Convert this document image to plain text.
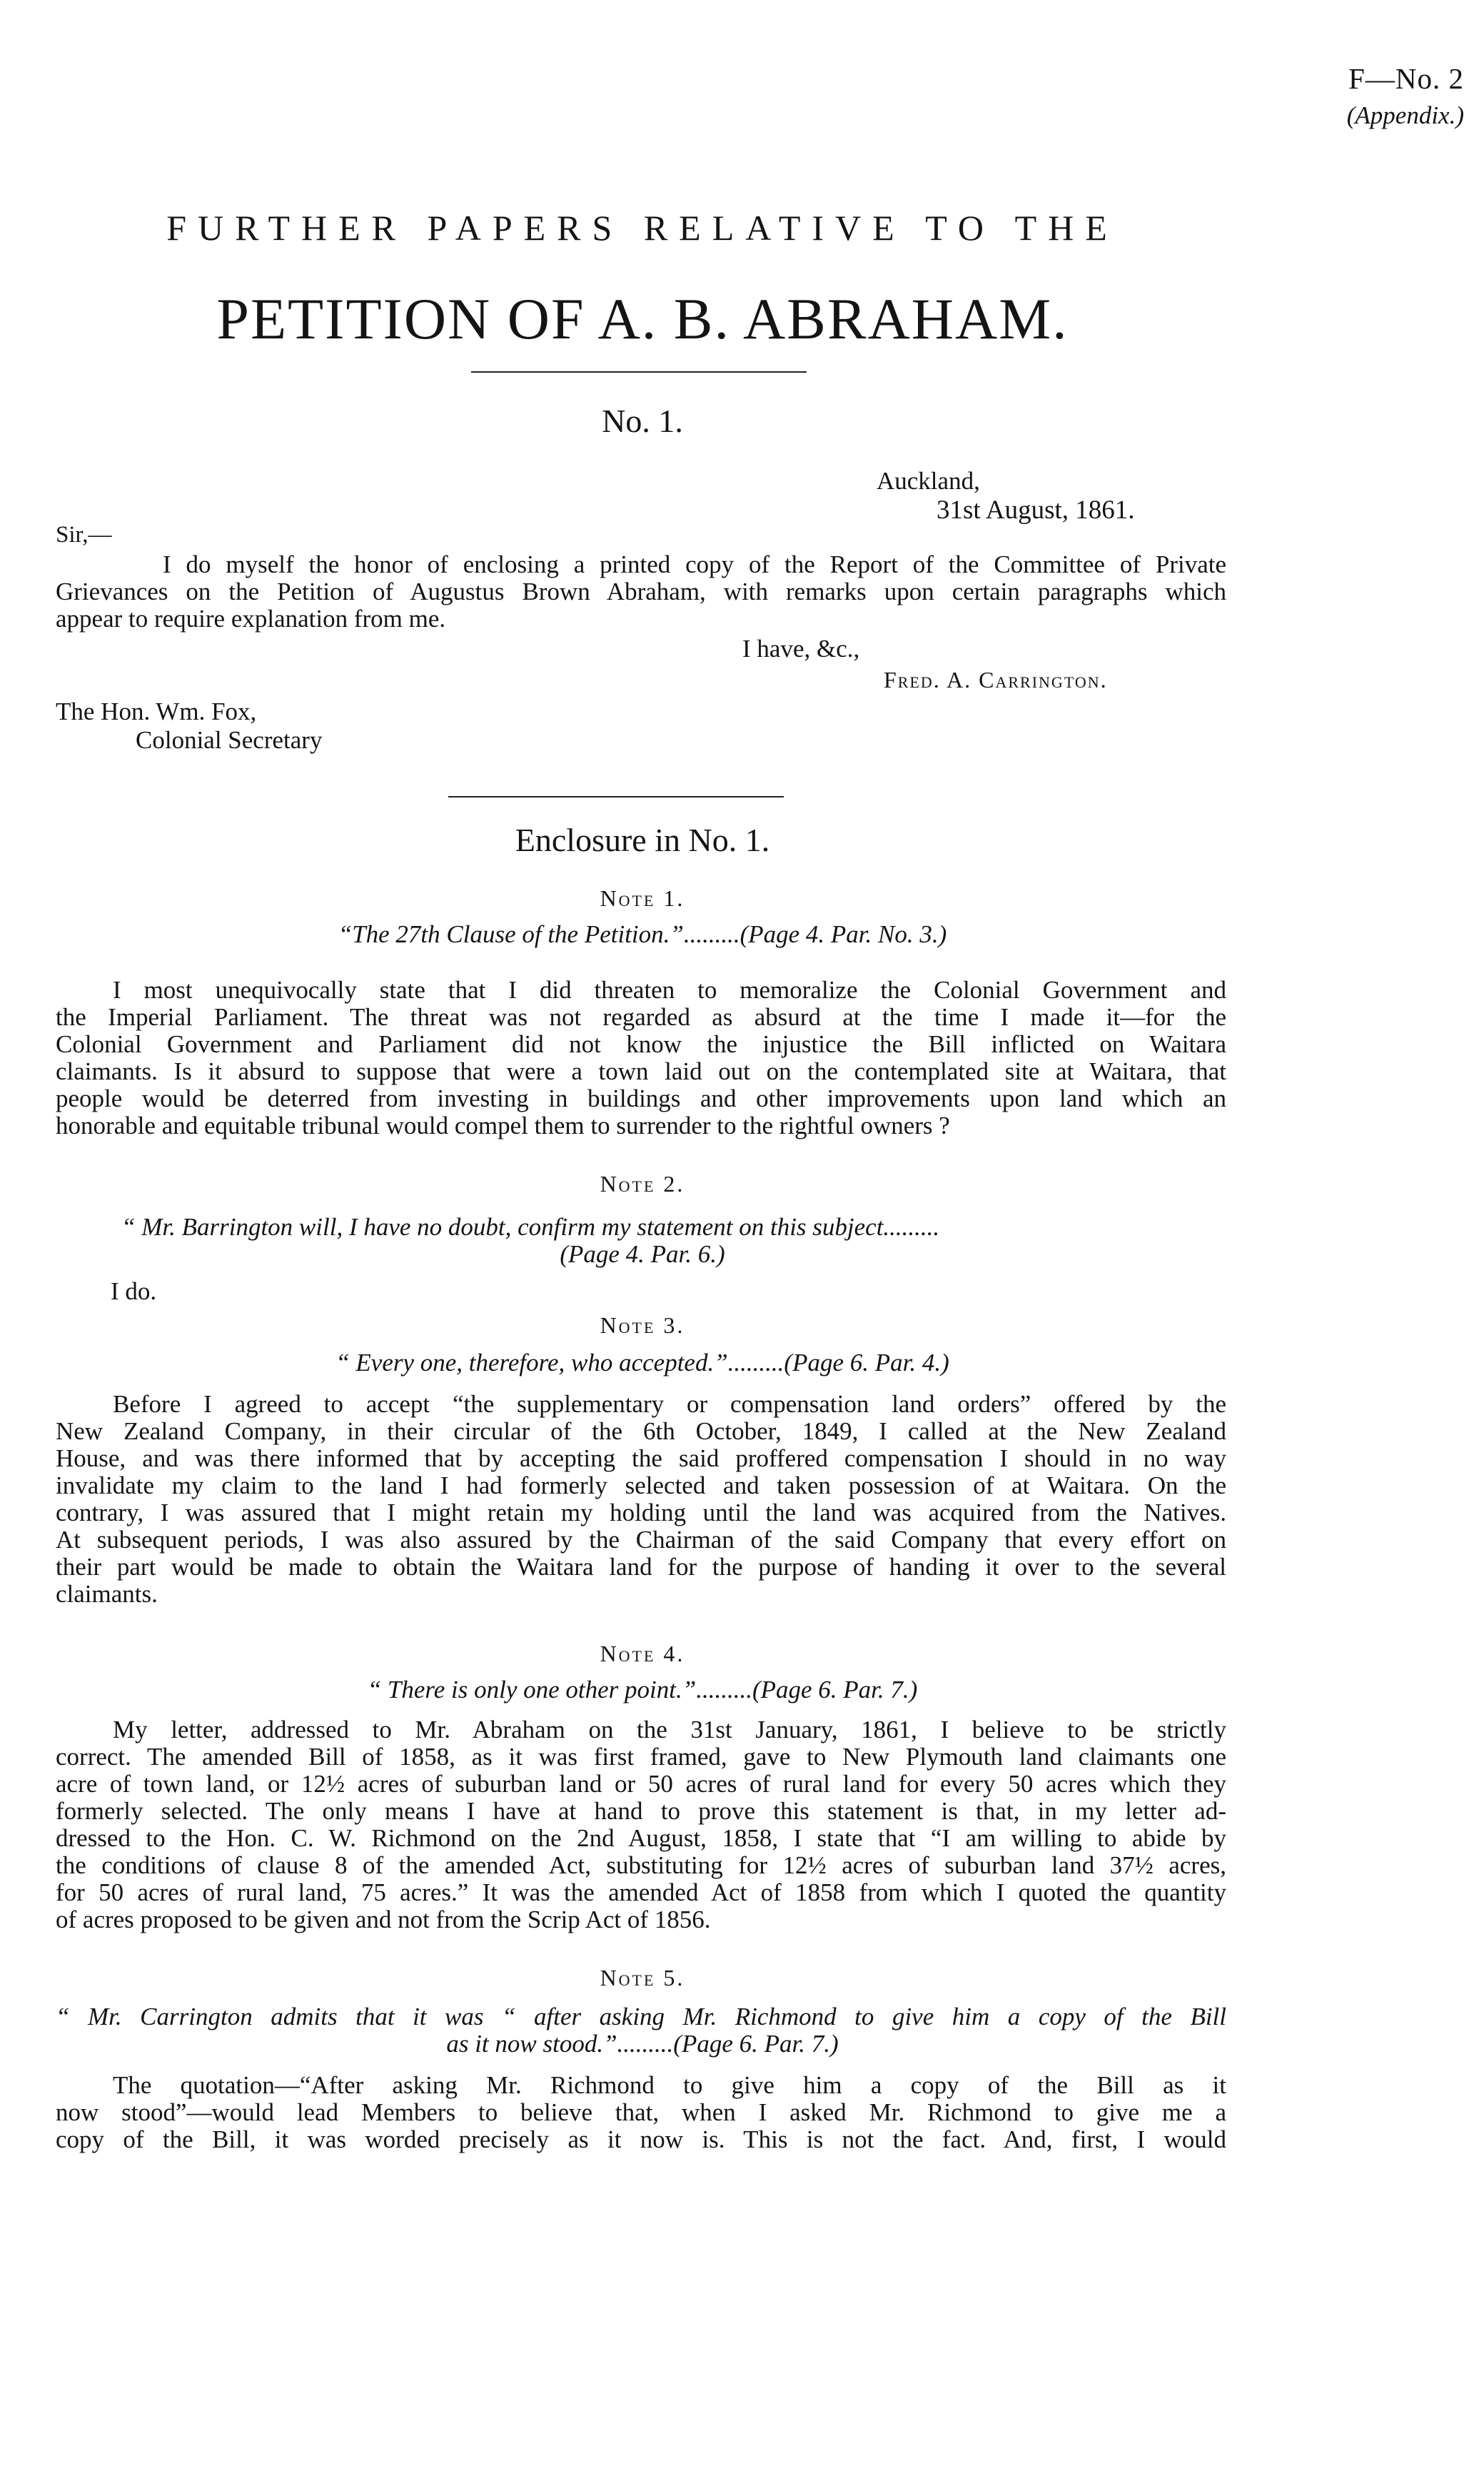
F—No. 2
(Appendix.)
FURTHER PAPERS RELATIVE TO THE
PETITION OF A. B. ABRAHAM.
No. 1.
Auckland,
31st August, 1861.
Sir,—
I do myself the honor of enclosing a printed copy of the Report of the Committee of Private
Grievances on the Petition of Augustus Brown Abraham, with remarks upon certain paragraphs which
appear to require explanation from me.
I have, &c.,
Fred. A. Carrington.
The Hon. Wm. Fox,
Colonial Secretary
Enclosure in No. 1.
Note 1.
“The 27th Clause of the Petition.”.........(Page 4. Par. No. 3.)
I most unequivocally state that I did threaten to memoralize the Colonial Government and
the Imperial Parliament. The threat was not regarded as absurd at the time I made it—for the
Colonial Government and Parliament did not know the injustice the Bill inflicted on Waitara
claimants. Is it absurd to suppose that were a town laid out on the contemplated site at Waitara, that
people would be deterred from investing in buildings and other improvements upon land which an
honorable and equitable tribunal would compel them to surrender to the rightful owners ?
Note 2.
“ Mr. Barrington will, I have no doubt, confirm my statement on this subject.........
(Page 4. Par. 6.)
I do.
Note 3.
“ Every one, therefore, who accepted.”.........(Page 6. Par. 4.)
Before I agreed to accept “the supplementary or compensation land orders” offered by the
New Zealand Company, in their circular of the 6th October, 1849, I called at the New Zealand
House, and was there informed that by accepting the said proffered compensation I should in no way
invalidate my claim to the land I had formerly selected and taken possession of at Waitara. On the
contrary, I was assured that I might retain my holding until the land was acquired from the Natives.
At subsequent periods, I was also assured by the Chairman of the said Company that every effort on
their part would be made to obtain the Waitara land for the purpose of handing it over to the several
claimants.
Note 4.
“ There is only one other point.”.........(Page 6. Par. 7.)
My letter, addressed to Mr. Abraham on the 31st January, 1861, I believe to be strictly
correct. The amended Bill of 1858, as it was first framed, gave to New Plymouth land claimants one
acre of town land, or 12½ acres of suburban land or 50 acres of rural land for every 50 acres which they
formerly selected. The only means I have at hand to prove this statement is that, in my letter ad-
dressed to the Hon. C. W. Richmond on the 2nd August, 1858, I state that “I am willing to abide by
the conditions of clause 8 of the amended Act, substituting for 12½ acres of suburban land 37½ acres,
for 50 acres of rural land, 75 acres.” It was the amended Act of 1858 from which I quoted the quantity
of acres proposed to be given and not from the Scrip Act of 1856.
Note 5.
“ Mr. Carrington admits that it was “ after asking Mr. Richmond to give him a copy of the Bill
as it now stood.”.........(Page 6. Par. 7.)
The quotation—“After asking Mr. Richmond to give him a copy of the Bill as it
now stood”—would lead Members to believe that, when I asked Mr. Richmond to give me a
copy of the Bill, it was worded precisely as it now is. This is not the fact. And, first, I would
